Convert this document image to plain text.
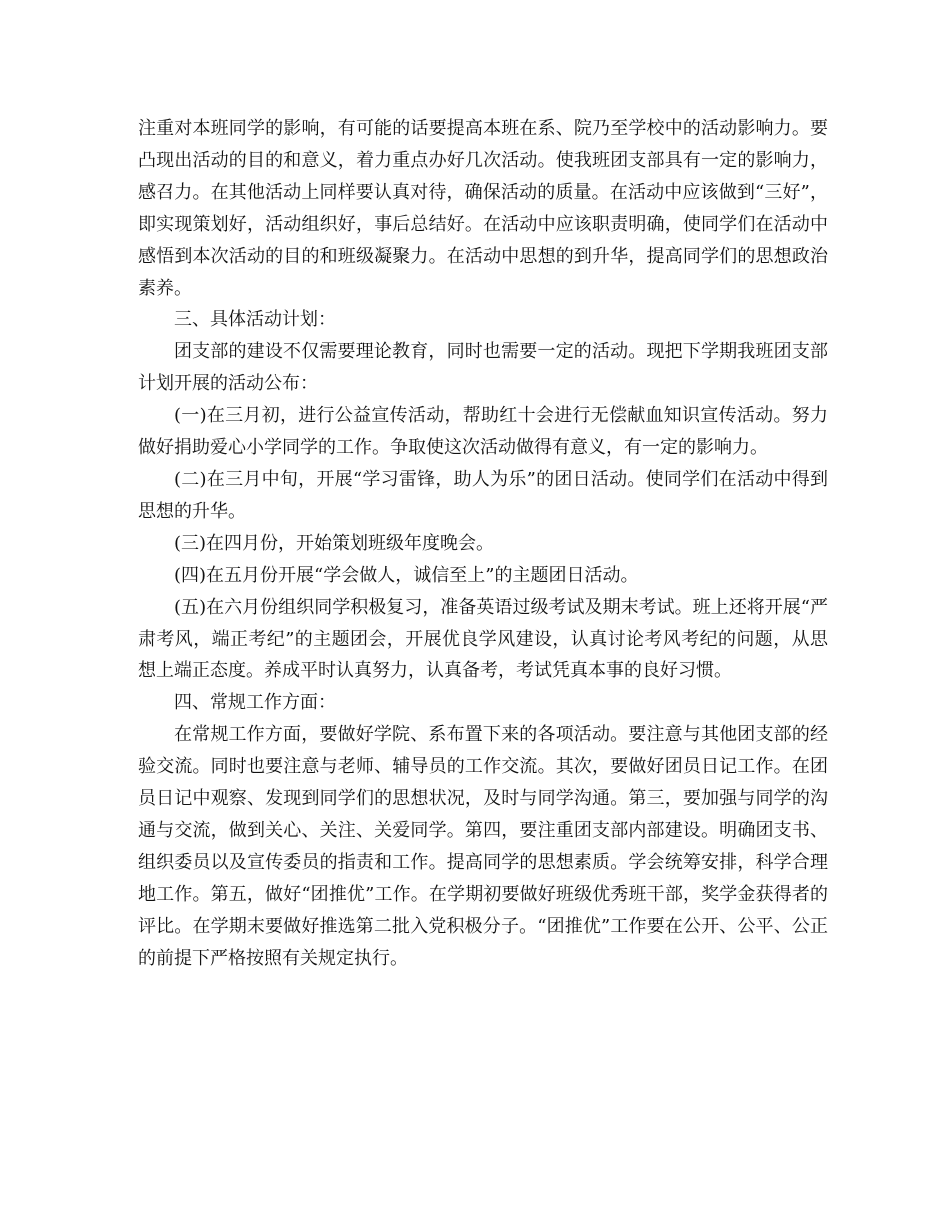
注重对本班同学的影响，有可能的话要提高本班在系、院乃至学校中的活动影响力。要凸现出活动的目的和意义，着力重点办好几次活动。使我班团支部具有一定的影响力，感召力。在其他活动上同样要认真对待，确保活动的质量。在活动中应该做到“三好”，即实现策划好，活动组织好，事后总结好。在活动中应该职责明确，使同学们在活动中感悟到本次活动的目的和班级凝聚力。在活动中思想的到升华，提高同学们的思想政治素养。

三、具体活动计划：

团支部的建设不仅需要理论教育，同时也需要一定的活动。现把下学期我班团支部计划开展的活动公布：

(一)在三月初，进行公益宣传活动，帮助红十会进行无偿献血知识宣传活动。努力做好捐助爱心小学同学的工作。争取使这次活动做得有意义，有一定的影响力。

(二)在三月中旬，开展“学习雷锋，助人为乐”的团日活动。使同学们在活动中得到思想的升华。

(三)在四月份，开始策划班级年度晚会。

(四)在五月份开展“学会做人，诚信至上”的主题团日活动。

(五)在六月份组织同学积极复习，准备英语过级考试及期末考试。班上还将开展“严肃考风，端正考纪”的主题团会，开展优良学风建设，认真讨论考风考纪的问题，从思想上端正态度。养成平时认真努力，认真备考，考试凭真本事的良好习惯。

四、常规工作方面：

在常规工作方面，要做好学院、系布置下来的各项活动。要注意与其他团支部的经验交流。同时也要注意与老师、辅导员的工作交流。其次，要做好团员日记工作。在团员日记中观察、发现到同学们的思想状况，及时与同学沟通。第三，要加强与同学的沟通与交流，做到关心、关注、关爱同学。第四，要注重团支部内部建设。明确团支书、组织委员以及宣传委员的指责和工作。提高同学的思想素质。学会统筹安排，科学合理地工作。第五，做好“团推优”工作。在学期初要做好班级优秀班干部，奖学金获得者的评比。在学期末要做好推选第二批入党积极分子。“团推优”工作要在公开、公平、公正的前提下严格按照有关规定执行。
